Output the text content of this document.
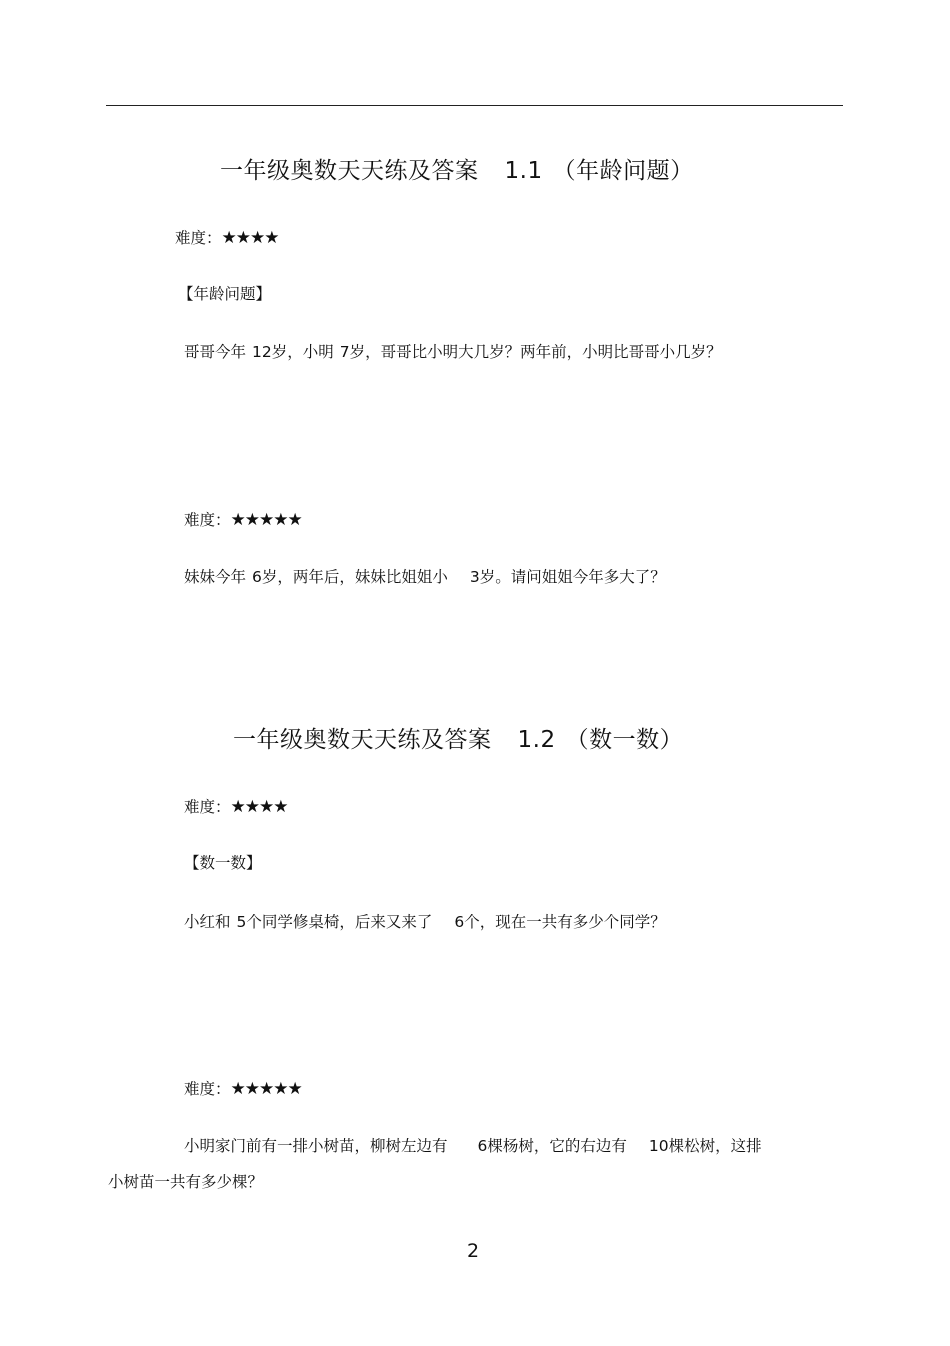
一年级奥数天天练及答案 1.1 （年龄问题）
难度：★★★★
【年龄问题】

哥哥今年 12岁，小明 7岁，哥哥比小明大几岁？两年前，小明比哥哥小几岁？

难度：★★★★★

妹妹今年 6岁，两年后，妹妹比姐姐小 3岁。请问姐姐今年多大了？

一年级奥数天天练及答案 1.2 （数一数）
难度：★★★★
【数一数】

小红和 5个同学修桌椅，后来又来了 6个，现在一共有多少个同学？

难度：★★★★★

小明家门前有一排小树苗，柳树左边有 6棵杨树，它的右边有 10棵松树，这排

小树苗一共有多少棵？

2
